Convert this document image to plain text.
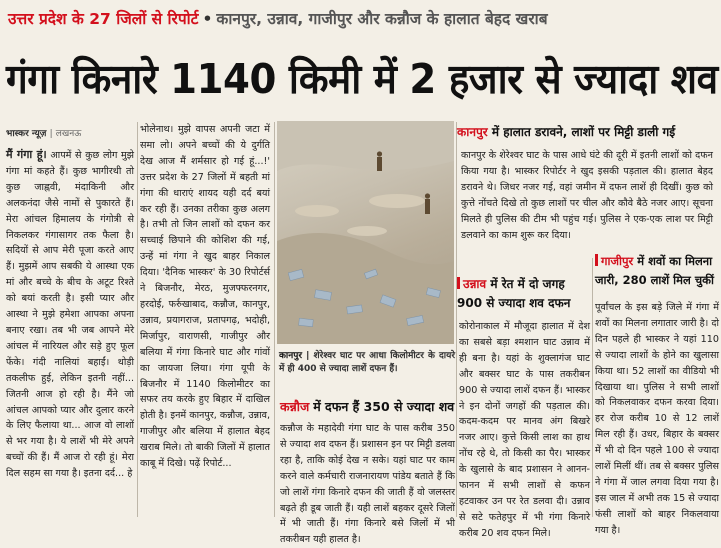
उत्तर प्रदेश के 27 जिलों से रिपोर्ट • कानपुर, उन्नाव, गाजीपुर और कन्नौज के हालात बेहद खराब
गंगा किनारे 1140 किमी में 2 हजार से ज्यादा शव
भास्कर न्यूज़ | लखनऊ
मैं गंगा हूं। आपमें से कुछ लोग मुझे गंगा मां कहते हैं। कुछ भागीरथी तो कुछ जाह्नवी, मंदाकिनी और अलकनंदा जैसे नामों से पुकारते हैं। मेरा आंचल हिमालय के गंगोत्री से निकलकर गंगासागर तक फैला है। सदियों से आप मेरी पूजा करते आए हैं। मुझमें आप सबकी ये आस्था एक मां और बच्चे के बीच के अटूट रिश्ते को बयां करती है। इसी प्यार और आस्था ने मुझे हमेशा आपका अपना बनाए रखा। तब भी जब आपने मेरे आंचल में नारियल और सड़े हुए फूल फेंके। गंदी नालियां बहाईं। थोड़ी तकलीफ हुई, लेकिन इतनी नहीं... जितनी आज हो रही है। मैंने जो आंचल आपको प्यार और दुलार करने के लिए फैलाया था... आज वो लाशों से भर गया है। ये लाशें भी मेरे अपने बच्चों की हैं। मैं आज रो रही हूं। मेरा दिल सहम सा गया है। इतना दर्द... हे
भोलेनाथ। मुझे वापस अपनी जटा में समा लो। अपने बच्चों की ये दुर्गति देख आज मैं शर्मसार हो गई हूं...!' उत्तर प्रदेश के 27 जिलों में बहती मां गंगा की धाराएं शायद यही दर्द बयां कर रही हैं। उनका तरीका कुछ अलग है। तभी तो जिन लाशों को दफन कर सच्चाई छिपाने की कोशिश की गई, उन्हें मां गंगा ने खुद बाहर निकाल दिया। 'दैनिक भास्कर' के 30 रिपोर्टर्स ने बिजनौर, मेरठ, मुजफ्फरनगर, हरदोई, फर्रुखाबाद, कन्नौज, कानपुर, उन्नाव, प्रयागराज, प्रतापगढ़, भदोही, मिर्जापुर, वाराणसी, गाजीपुर और बलिया में गंगा किनारे घाट और गांवों का जायजा लिया। गंगा यूपी के बिजनौर में 1140 किलोमीटर का सफर तय करके हुए बिहार में दाखिल होती है। इनमें कानपुर, कन्नौज, उन्नाव, गाजीपुर और बलिया में हालात बेहद खराब मिले। तो बाकी जिलों में हालात काबू में दिखे। पढ़ें रिपोर्ट...
कानपुर | शेरेश्वर घाट पर आधा किलोमीटर के दायरे में ही 400 से ज्यादा लाशें दफन हैं।
कन्नौज में दफन हैं 350 से ज्यादा शव
कन्नौज के महादेवी गंगा घाट के पास करीब 350 से ज्यादा शव दफन हैं। प्रशासन इन पर मिट्टी डलवा रहा है, ताकि कोई देख न सके। यहां घाट पर काम करने वाले कर्मचारी राजनारायण पांडेय बताते हैं कि जो लाशें गंगा किनारे दफन की जाती हैं वो जलस्तर बढ़ते ही डूब जाती हैं। यही लाशें बहकर दूसरे जिलों में भी जाती हैं। गंगा किनारे बसे जिलों में भी तकरीबन यही हालत है।
कानपुर में हालात डरावने, लाशों पर मिट्टी डाली गई
कानपुर के शेरेश्वर घाट के पास आधे घंटे की दूरी में इतनी लाशों को दफन किया गया है। भास्कर रिपोर्टर ने खुद इसकी पड़ताल की। हालात बेहद डरावने थे। जिधर नजर गई, वहां जमीन में दफन लाशें ही दिखीं। कुछ को कुत्ते नोंचते दिखे तो कुछ लाशों पर चील और कौवे बैठे नजर आए। सूचना मिलते ही पुलिस की टीम भी पहुंच गई। पुलिस ने एक-एक लाश पर मिट्टी डलवाने का काम शुरू कर दिया।
उन्नाव में रेत में दो जगह 900 से ज्यादा शव दफन
कोरोनाकाल में मौजूदा हालात में देश का सबसे बड़ा श्मशान घाट उन्नाव में ही बना है। यहां के शुक्लागंज घाट और बक्सर घाट के पास तकरीबन 900 से ज्यादा लाशें दफन हैं। भास्कर ने इन दोनों जगहों की पड़ताल की। कदम-कदम पर मानव अंग बिखरे नजर आए। कुत्ते किसी लाश का हाथ नोंच रहे थे, तो किसी का पैर। भास्कर के खुलासे के बाद प्रशासन ने आनन-फानन में सभी लाशों से कफन हटवाकर उन पर रेत डलवा दी। उन्नाव से सटे फतेहपुर में भी गंगा किनारे करीब 20 शव दफन मिले।
गाजीपुर में शवों का मिलना जारी, 280 लाशें मिल चुकीं
पूर्वांचल के इस बड़े जिले में गंगा में शवों का मिलना लगातार जारी है। दो दिन पहले ही भास्कर ने यहां 110 से ज्यादा लाशों के होने का खुलासा किया था। 52 लाशों का वीडियो भी दिखाया था। पुलिस ने सभी लाशों को निकलवाकर दफन करवा दिया। हर रोज करीब 10 से 12 लाशें मिल रही हैं। उधर, बिहार के बक्सर में भी दो दिन पहले 100 से ज्यादा लाशें मिलीं थीं। तब से बक्सर पुलिस ने गंगा में जाल लगवा दिया गया है। इस जाल में अभी तक 15 से ज्यादा फंसी लाशों को बाहर निकलवाया गया है।
